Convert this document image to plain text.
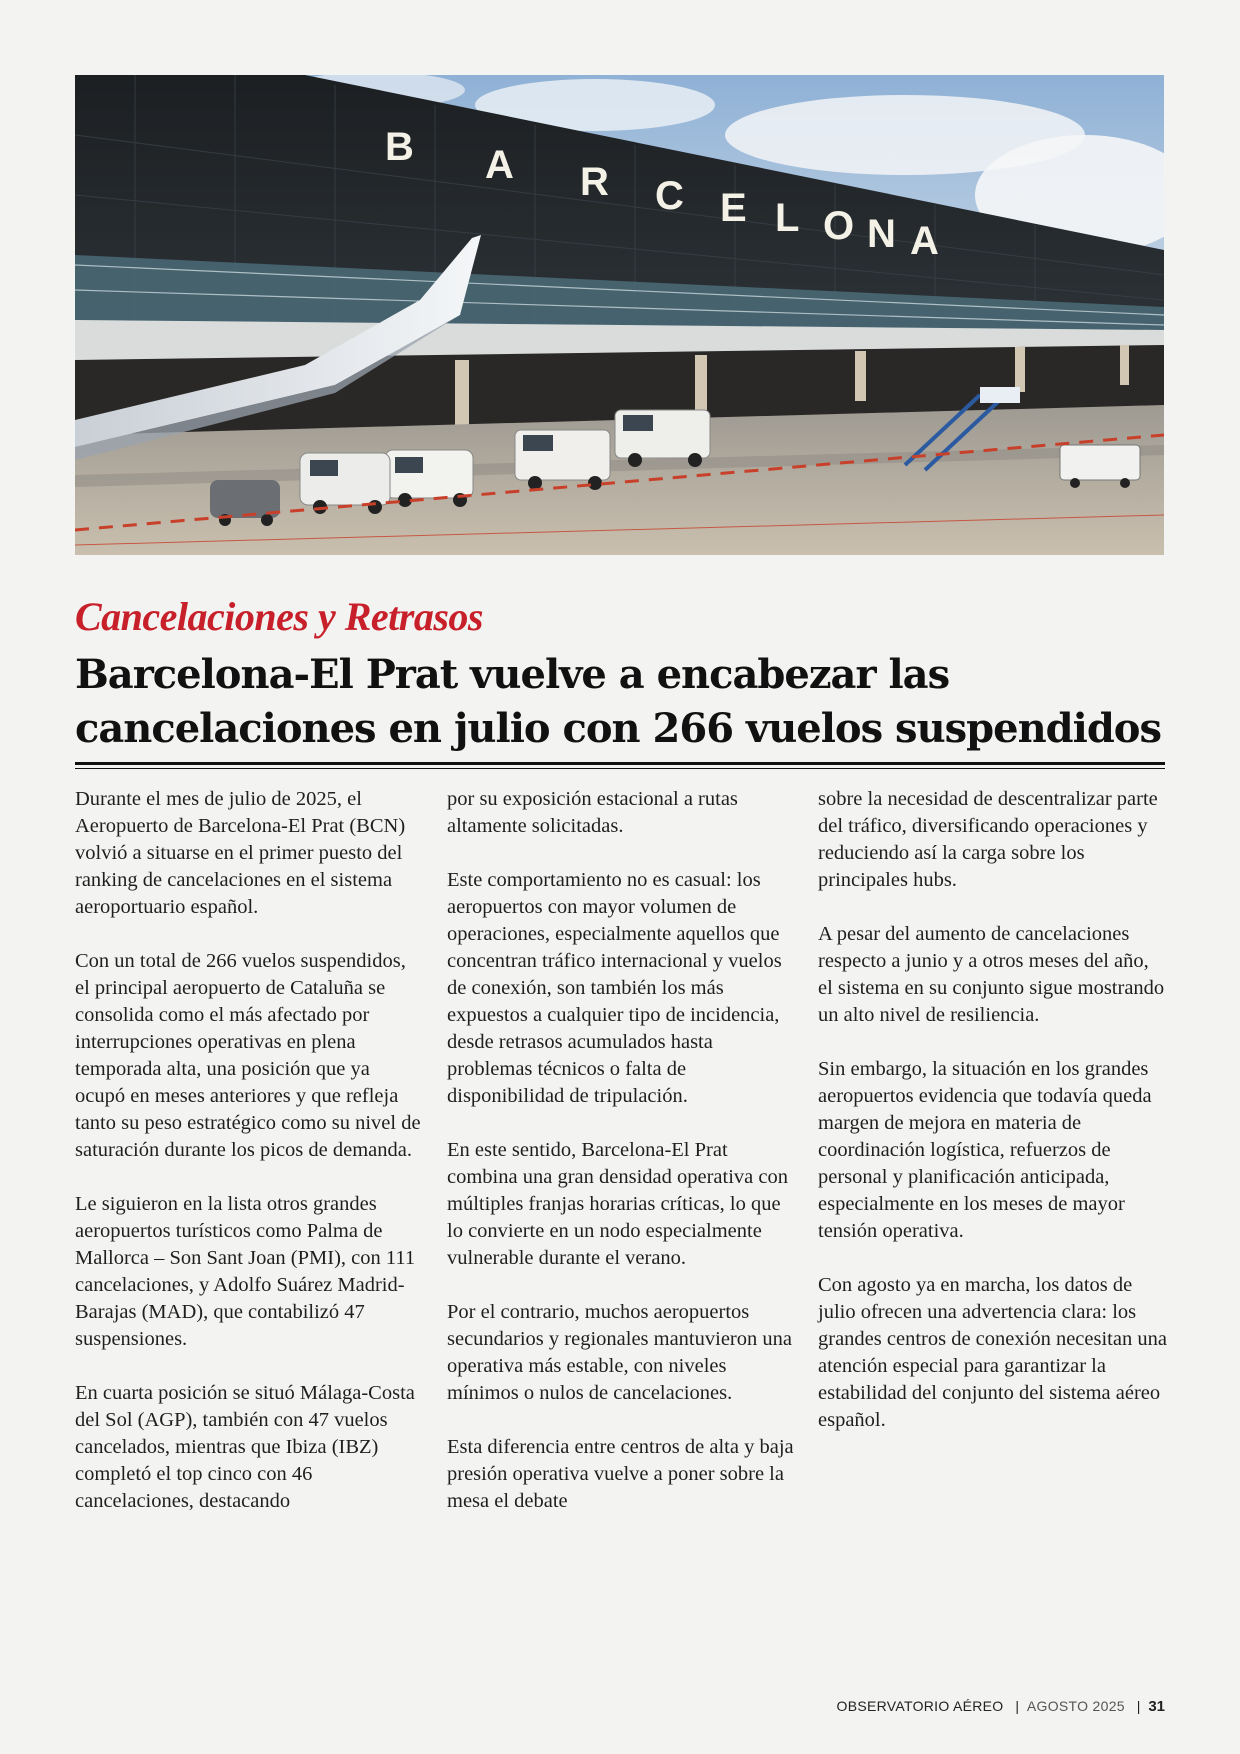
B A R C E L O N A
Cancelaciones y Retrasos
Barcelona-El Prat vuelve a encabezar las
cancelaciones en julio con 266 vuelos suspendidos

Durante el mes de julio de 2025, el Aeropuerto de Barcelona-El Prat (BCN) volvió a situarse en el primer puesto del ranking de cancelaciones en el sistema aeroportuario español.

Con un total de 266 vuelos suspendidos, el principal aeropuerto de Cataluña se consolida como el más afectado por interrupciones operativas en plena temporada alta, una posición que ya ocupó en meses anteriores y que refleja tanto su peso estratégico como su nivel de saturación durante los picos de demanda.

Le siguieron en la lista otros grandes aeropuertos turísticos como Palma de Mallorca – Son Sant Joan (PMI), con 111 cancelaciones, y Adolfo Suárez Madrid-Barajas (MAD), que contabilizó 47 suspensiones.

En cuarta posición se situó Málaga-Costa del Sol (AGP), también con 47 vuelos cancelados, mientras que Ibiza (IBZ) completó el top cinco con 46 cancelaciones, destacando

por su exposición estacional a rutas altamente solicitadas.

Este comportamiento no es casual: los aeropuertos con mayor volumen de operaciones, especialmente aquellos que concentran tráfico internacional y vuelos de conexión, son también los más expuestos a cualquier tipo de incidencia, desde retrasos acumulados hasta problemas técnicos o falta de disponibilidad de tripulación.

En este sentido, Barcelona-El Prat combina una gran densidad operativa con múltiples franjas horarias críticas, lo que lo convierte en un nodo especialmente vulnerable durante el verano.

Por el contrario, muchos aeropuertos secundarios y regionales mantuvieron una operativa más estable, con niveles mínimos o nulos de cancelaciones.

Esta diferencia entre centros de alta y baja presión operativa vuelve a poner sobre la mesa el debate

sobre la necesidad de descentralizar parte del tráfico, diversificando operaciones y reduciendo así la carga sobre los principales hubs.

A pesar del aumento de cancelaciones respecto a junio y a otros meses del año, el sistema en su conjunto sigue mostrando un alto nivel de resiliencia.

Sin embargo, la situación en los grandes aeropuertos evidencia que todavía queda margen de mejora en materia de coordinación logística, refuerzos de personal y planificación anticipada, especialmente en los meses de mayor tensión operativa.

Con agosto ya en marcha, los datos de julio ofrecen una advertencia clara: los grandes centros de conexión necesitan una atención especial para garantizar la estabilidad del conjunto del sistema aéreo español.

OBSERVATORIO AÉREO | AGOSTO 2025 | 31
